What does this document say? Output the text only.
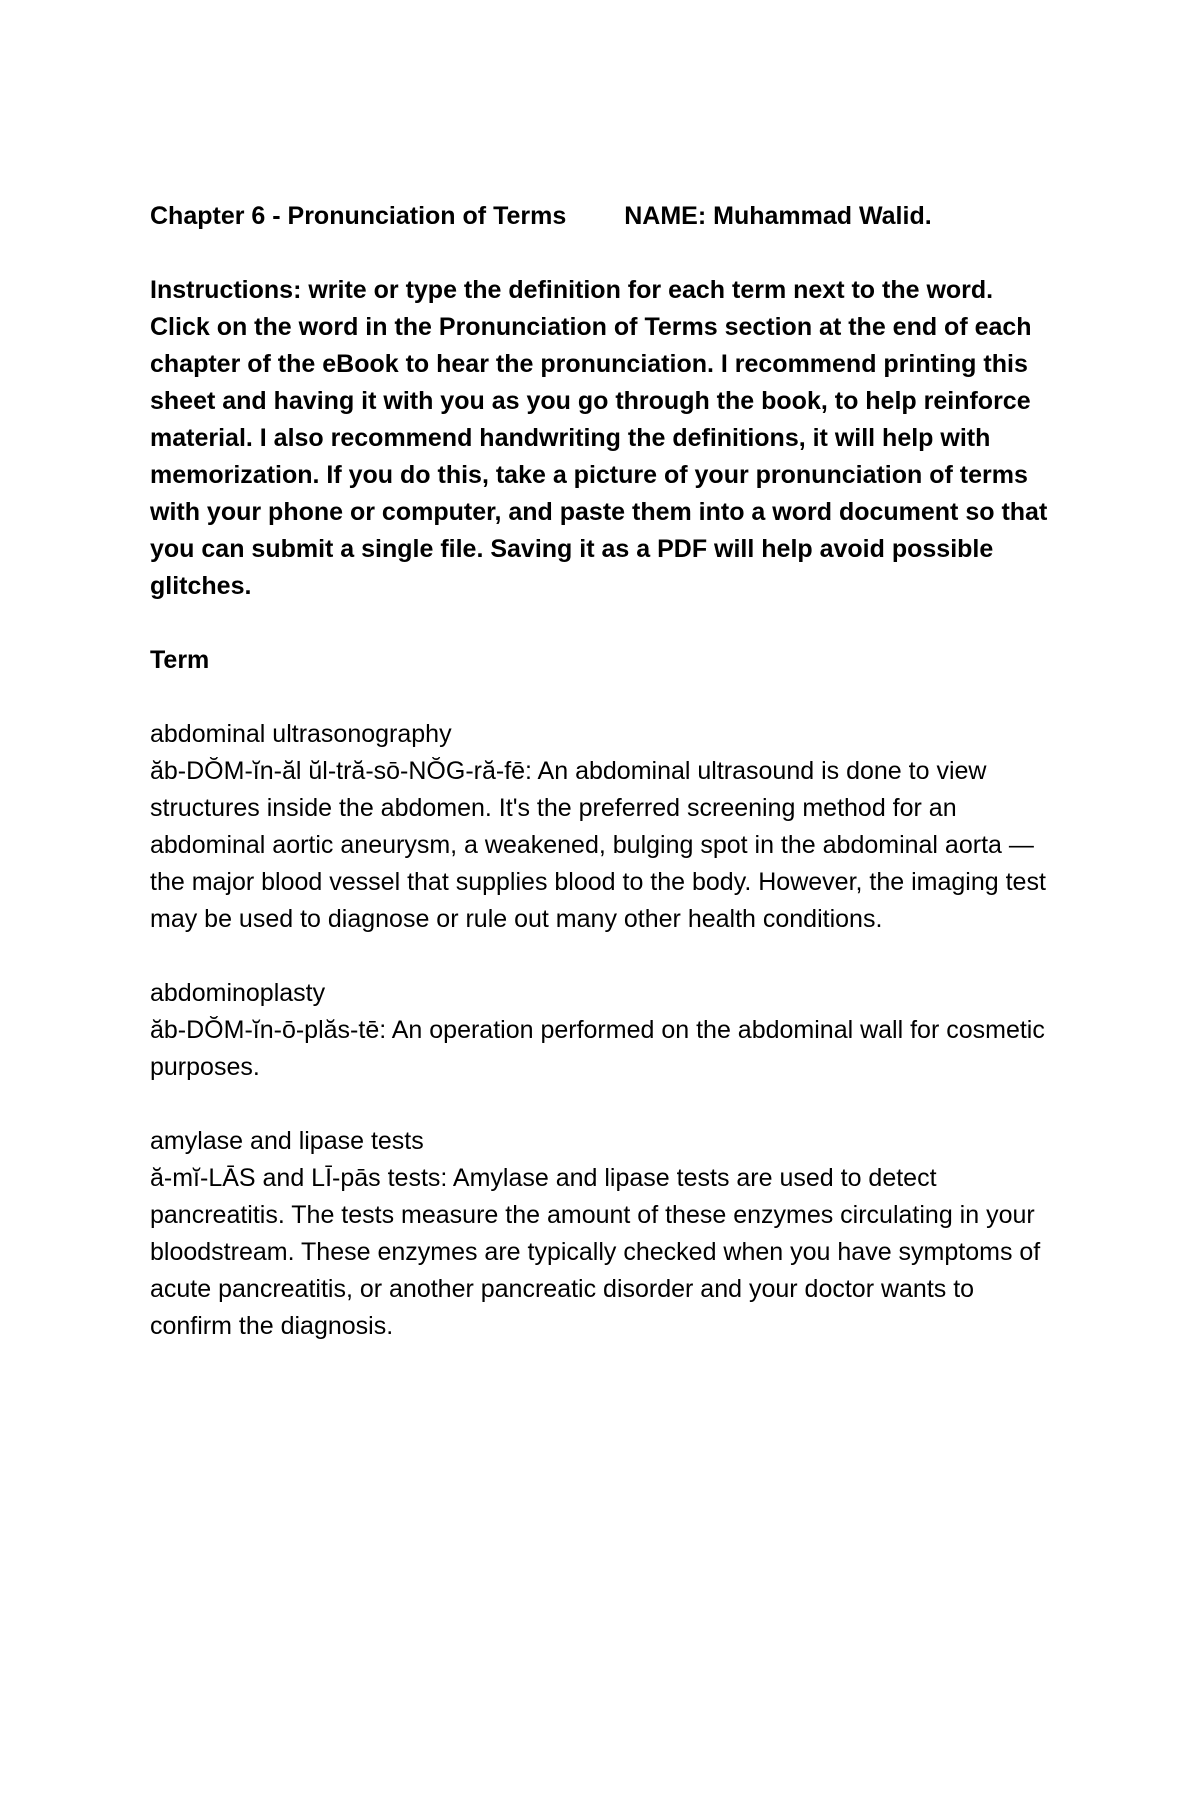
Chapter 6 - Pronunciation of Terms NAME: Muhammad Walid.

Instructions: write or type the definition for each term next to the word. Click on the word in the Pronunciation of Terms section at the end of each chapter of the eBook to hear the pronunciation. I recommend printing this sheet and having it with you as you go through the book, to help reinforce material. I also recommend handwriting the definitions, it will help with memorization. If you do this, take a picture of your pronunciation of terms with your phone or computer, and paste them into a word document so that you can submit a single file. Saving it as a PDF will help avoid possible glitches.

Term

abdominal ultrasonography

ăb-DŎM-ĭn-ăl ŭl-tră-sō-NŎG-ră-fē: An abdominal ultrasound is done to view structures inside the abdomen. It's the preferred screening method for an abdominal aortic aneurysm, a weakened, bulging spot in the abdominal aorta — the major blood vessel that supplies blood to the body. However, the imaging test may be used to diagnose or rule out many other health conditions.

abdominoplasty

ăb-DŎM-ĭn-ō-plăs-tē: An operation performed on the abdominal wall for cosmetic purposes.

amylase and lipase tests

ă-mĭ-LĀS and LĪ-pās tests: Amylase and lipase tests are used to detect pancreatitis. The tests measure the amount of these enzymes circulating in your bloodstream. These enzymes are typically checked when you have symptoms of acute pancreatitis, or another pancreatic disorder and your doctor wants to confirm the diagnosis.
